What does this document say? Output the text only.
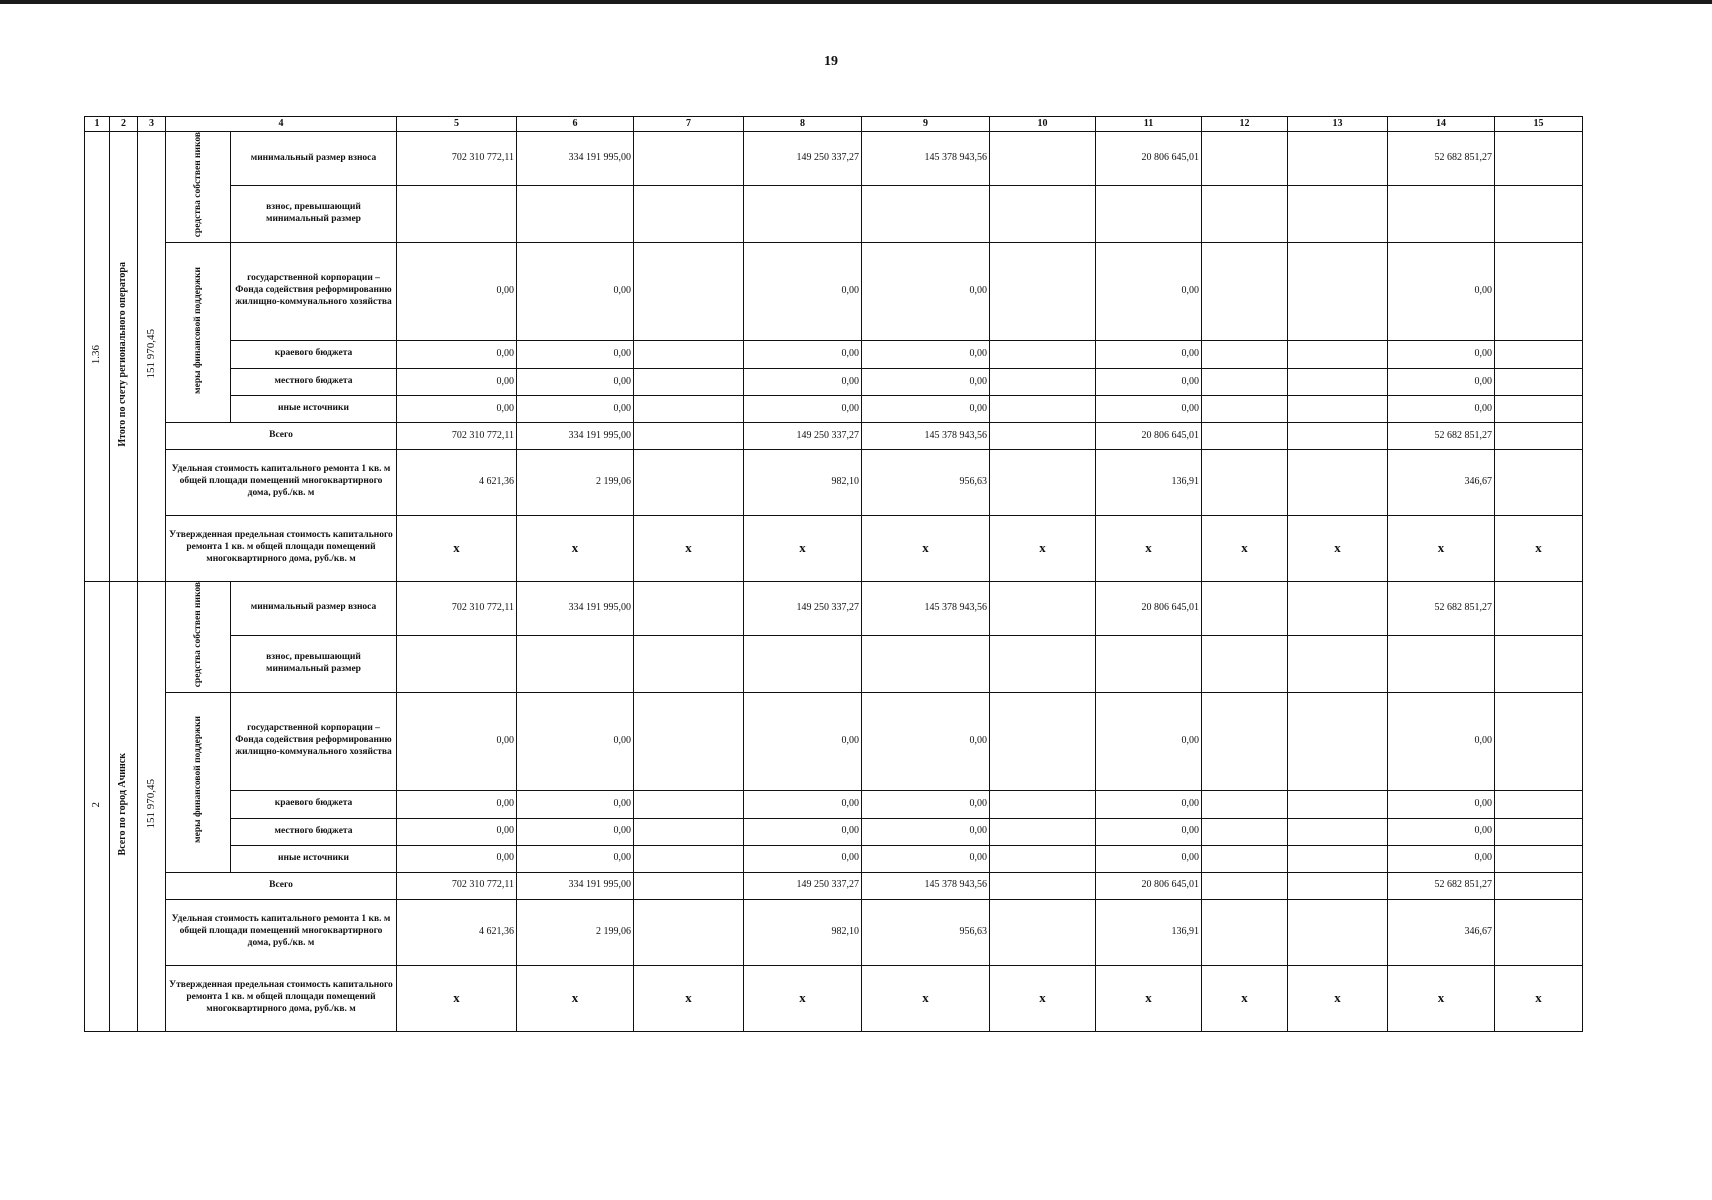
19
1	2	3	4		5	6	7	8	9	10	11	12	13	14	15
1.36	Итого по счету регионального оператора	151 970,45	средства собствен ников	минимальный размер взноса	702 310 772,11	334 191 995,00		149 250 337,27	145 378 943,56		20 806 645,01			52 682 851,27	
				взнос, превышающий минимальный размер											
			меры финансовой поддержки	государственной корпорации – Фонда содействия реформированию жилищно-коммунального хозяйства	0,00	0,00		0,00	0,00		0,00			0,00	
				краевого бюджета	0,00	0,00		0,00	0,00		0,00			0,00	
				местного бюджета	0,00	0,00		0,00	0,00		0,00			0,00	
				иные источники	0,00	0,00		0,00	0,00		0,00			0,00	
			Всего		702 310 772,11	334 191 995,00		149 250 337,27	145 378 943,56		20 806 645,01			52 682 851,27	
			Удельная стоимость капитального ремонта 1 кв. м общей площади помещений многоквартирного дома, руб./кв. м		4 621,36	2 199,06		982,10	956,63		136,91			346,67	
			Утвержденная предельная стоимость капитального ремонта 1 кв. м общей площади помещений многоквартирного дома, руб./кв. м		x	x	x	x	x	x	x	x	x	x	x
2	Всего по город Ачинск	151 970,45	средства собствен ников	минимальный размер взноса	702 310 772,11	334 191 995,00		149 250 337,27	145 378 943,56		20 806 645,01			52 682 851,27	
				взнос, превышающий минимальный размер											
			меры финансовой поддержки	государственной корпорации – Фонда содействия реформированию жилищно-коммунального хозяйства	0,00	0,00		0,00	0,00		0,00			0,00	
				краевого бюджета	0,00	0,00		0,00	0,00		0,00			0,00	
				местного бюджета	0,00	0,00		0,00	0,00		0,00			0,00	
				иные источники	0,00	0,00		0,00	0,00		0,00			0,00	
			Всего		702 310 772,11	334 191 995,00		149 250 337,27	145 378 943,56		20 806 645,01			52 682 851,27	
			Удельная стоимость капитального ремонта 1 кв. м общей площади помещений многоквартирного дома, руб./кв. м		4 621,36	2 199,06		982,10	956,63		136,91			346,67	
			Утвержденная предельная стоимость капитального ремонта 1 кв. м общей площади помещений многоквартирного дома, руб./кв. м		x	x	x	x	x	x	x	x	x	x	x
